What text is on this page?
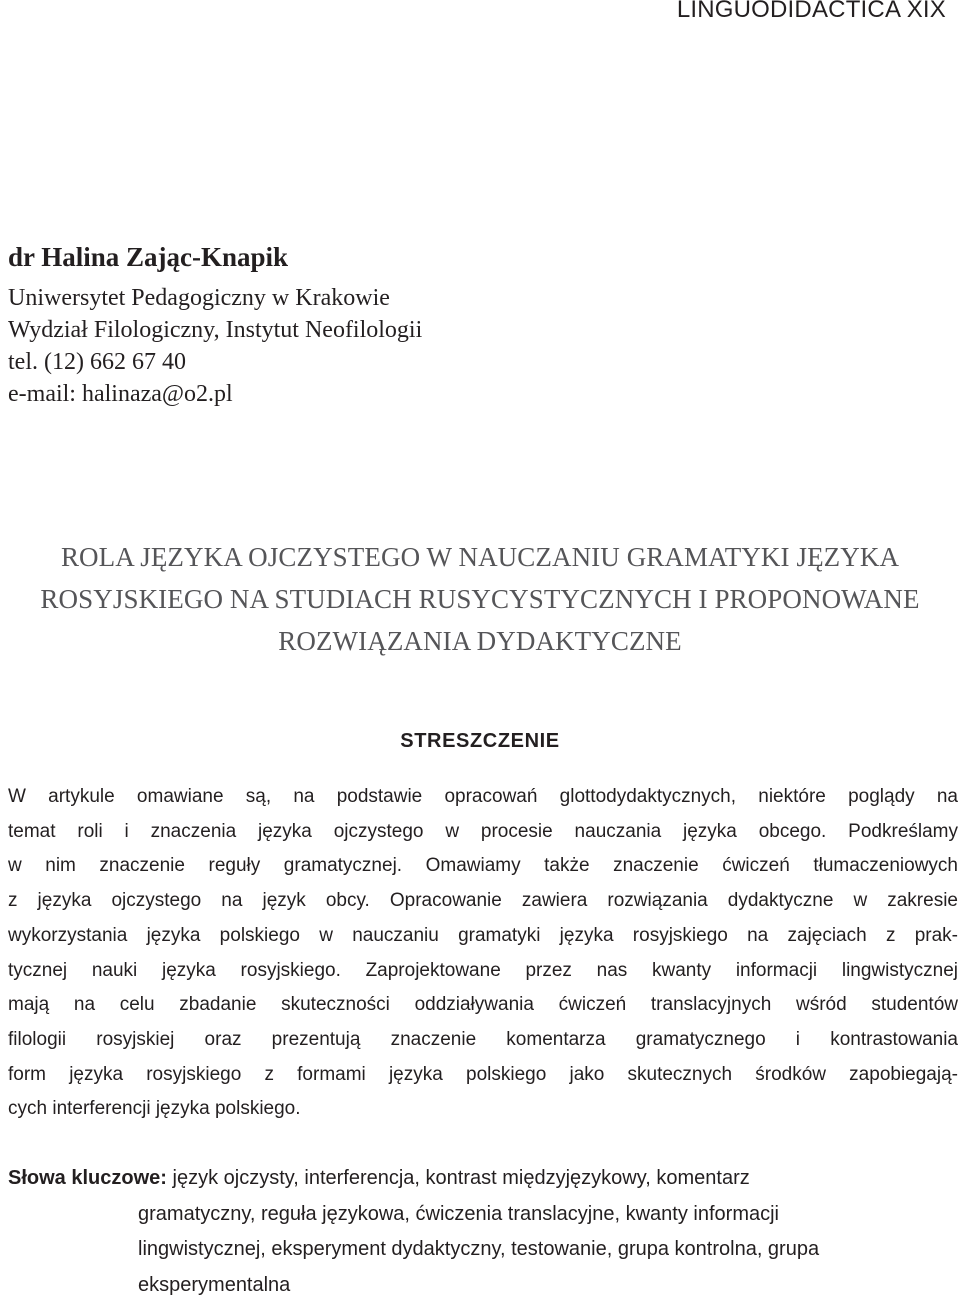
LINGUODIDACTICA XIX
dr Halina Zając-Knapik
Uniwersytet Pedagogiczny w Krakowie
Wydział Filologiczny, Instytut Neofilologii
tel. (12) 662 67 40
e-mail: halinaza@o2.pl
ROLA JĘZYKA OJCZYSTEGO W NAUCZANIU GRAMATYKI JĘZYKA
ROSYJSKIEGO NA STUDIACH RUSYCYSTYCZNYCH I PROPONOWANE
ROZWIĄZANIA DYDAKTYCZNE
STRESZCZENIE
W artykule omawiane są, na podstawie opracowań glottodydaktycznych, niektóre poglądy na
temat roli i znaczenia języka ojczystego w procesie nauczania języka obcego. Podkreślamy
w nim znaczenie reguły gramatycznej. Omawiamy także znaczenie ćwiczeń tłumaczeniowych
z języka ojczystego na język obcy. Opracowanie zawiera rozwiązania dydaktyczne w zakresie
wykorzystania języka polskiego w nauczaniu gramatyki języka rosyjskiego na zajęciach z prak-
tycznej nauki języka rosyjskiego. Zaprojektowane przez nas kwanty informacji lingwistycznej
mają na celu zbadanie skuteczności oddziaływania ćwiczeń translacyjnych wśród studentów
filologii rosyjskiej oraz prezentują znaczenie komentarza gramatycznego i kontrastowania
form języka rosyjskiego z formami języka polskiego jako skutecznych środków zapobiegają-
cych interferencji języka polskiego.
Słowa kluczowe: język ojczysty, interferencja, kontrast międzyjęzykowy, komentarz
gramatyczny, reguła językowa, ćwiczenia translacyjne, kwanty informacji
lingwistycznej, eksperyment dydaktyczny, testowanie, grupa kontrolna, grupa
eksperymentalna
